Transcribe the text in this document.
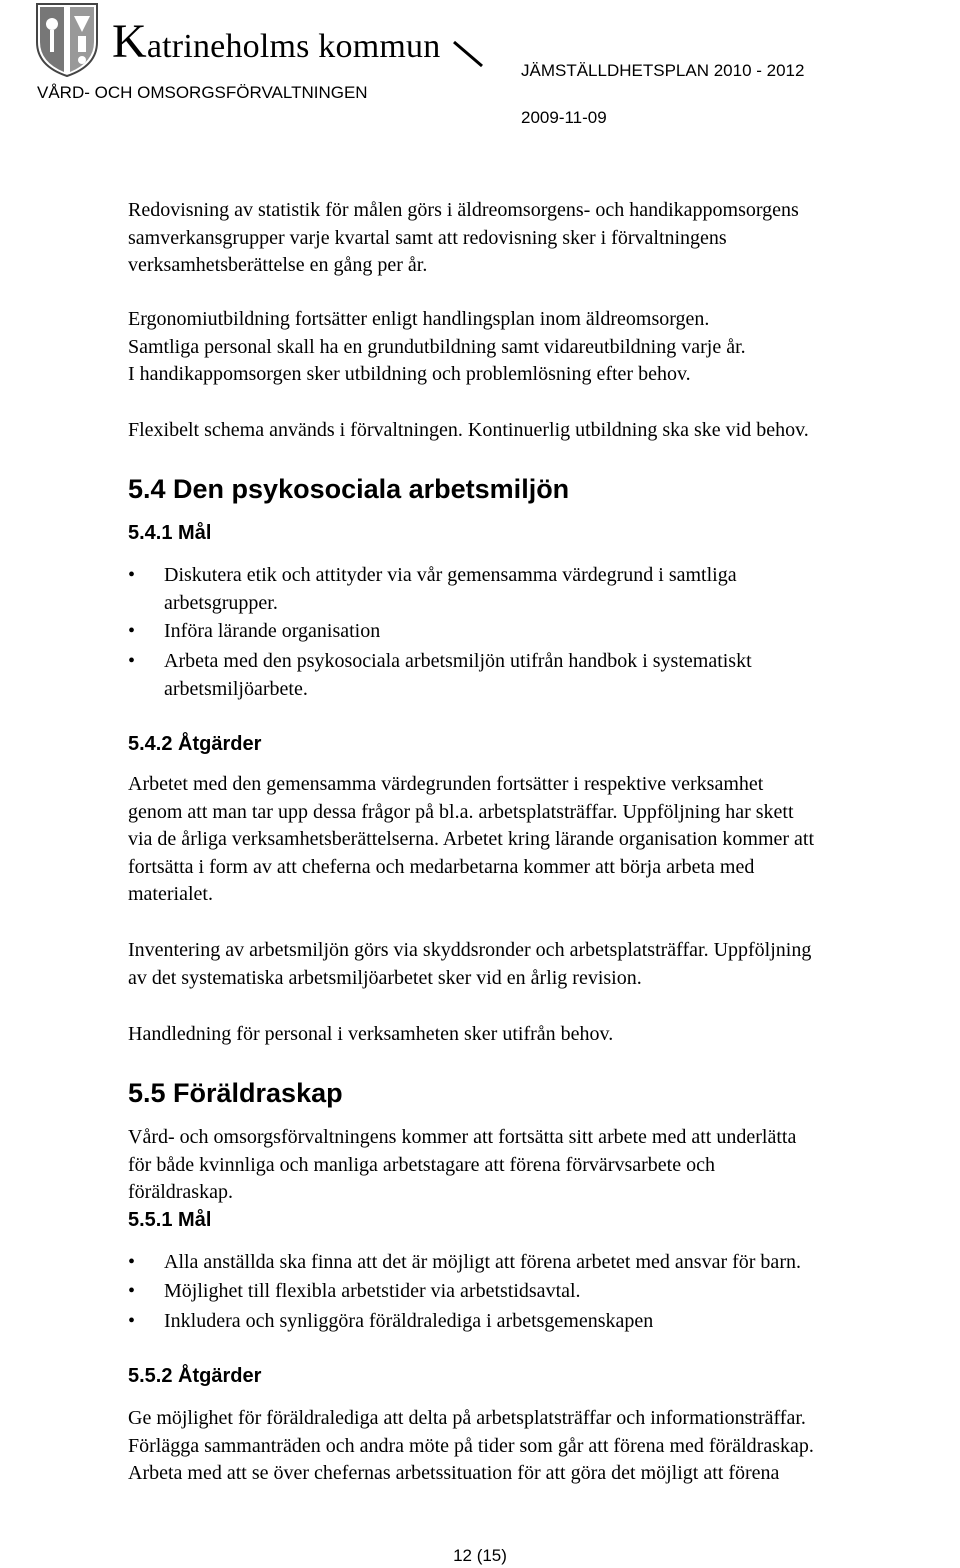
Katrineholms kommun
VÅRD- OCH OMSORGSFÖRVALTNINGEN
JÄMSTÄLLDHETSPLAN 2010 - 2012
2009-11-09
Redovisning av statistik för målen görs i äldreomsorgens- och handikappomsorgens
samverkansgrupper varje kvartal samt att redovisning sker i förvaltningens
verksamhetsberättelse en gång per år.
Ergonomiutbildning fortsätter enligt handlingsplan inom äldreomsorgen.
Samtliga personal skall ha en grundutbildning samt vidareutbildning varje år.
I handikappomsorgen sker utbildning och problemlösning efter behov.
Flexibelt schema används i förvaltningen. Kontinuerlig utbildning ska ske vid behov.
5.4 Den psykosociala arbetsmiljön
5.4.1 Mål
• Diskutera etik och attityder via vår gemensamma värdegrund i samtliga
arbetsgrupper.
• Införa lärande organisation
• Arbeta med den psykosociala arbetsmiljön utifrån handbok i systematiskt
arbetsmiljöarbete.
5.4.2 Åtgärder
Arbetet med den gemensamma värdegrunden fortsätter i respektive verksamhet
genom att man tar upp dessa frågor på bl.a. arbetsplatsträffar. Uppföljning har skett
via de årliga verksamhetsberättelserna. Arbetet kring lärande organisation kommer att
fortsätta i form av att cheferna och medarbetarna kommer att börja arbeta med
materialet.
Inventering av arbetsmiljön görs via skyddsronder och arbetsplatsträffar. Uppföljning
av det systematiska arbetsmiljöarbetet sker vid en årlig revision.
Handledning för personal i verksamheten sker utifrån behov.
5.5 Föräldraskap
Vård- och omsorgsförvaltningens kommer att fortsätta sitt arbete med att underlätta
för både kvinnliga och manliga arbetstagare att förena förvärvsarbete och
föräldraskap.
5.5.1 Mål
• Alla anställda ska finna att det är möjligt att förena arbetet med ansvar för barn.
• Möjlighet till flexibla arbetstider via arbetstidsavtal.
• Inkludera och synliggöra föräldralediga i arbetsgemenskapen
5.5.2 Åtgärder
Ge möjlighet för föräldralediga att delta på arbetsplatsträffar och informationsträffar.
Förlägga sammanträden och andra möte på tider som går att förena med föräldraskap.
Arbeta med att se över chefernas arbetssituation för att göra det möjligt att förena
12 (15)
